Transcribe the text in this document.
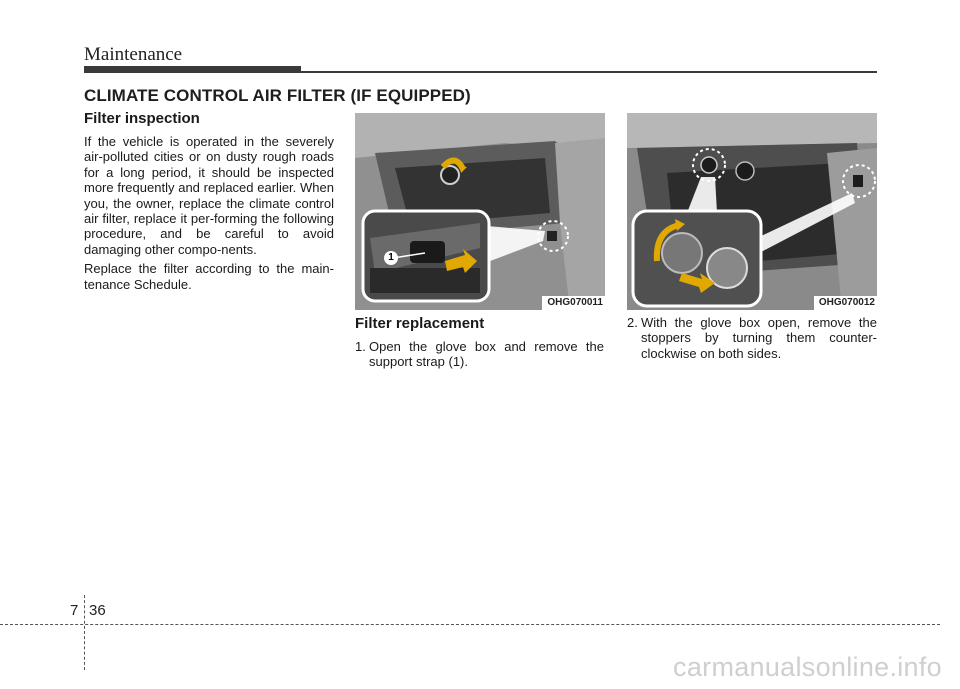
Maintenance
CLIMATE CONTROL AIR FILTER (IF EQUIPPED)
Filter inspection

If the vehicle is operated in the severely air-polluted cities or on dusty rough roads for a long period, it should be inspected more frequently and replaced earlier. When you, the owner, replace the climate control air filter, replace it per-forming the following procedure, and be careful to avoid damaging other compo-nents.

Replace the filter according to the main-tenance Schedule.

1
OHG070011	OHG070012
Filter replacement
1. Open the glove box and remove the support strap (1).
2. With the glove box open, remove the stoppers by turning them counter-clockwise on both sides.
7 36
carmanualsonline.info
